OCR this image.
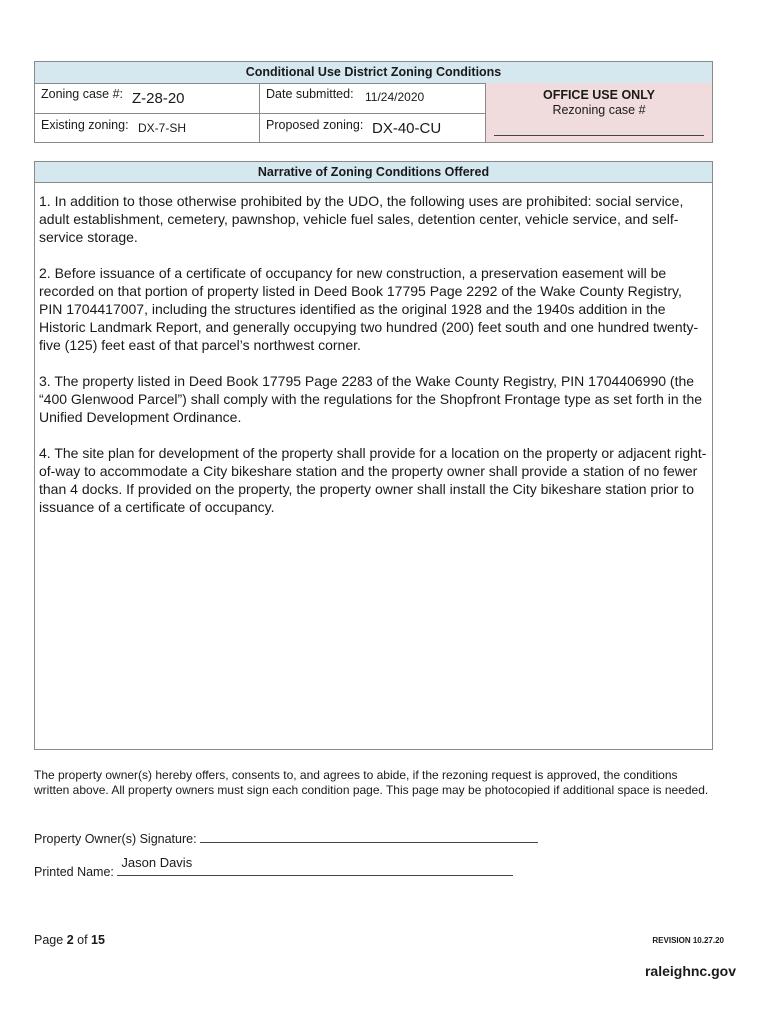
Conditional Use District Zoning Conditions
Zoning case #: Z-28-20	Date submitted: 11/24/2020
Existing zoning: DX-7-SH	Proposed zoning: DX-40-CU
OFFICE USE ONLY
Rezoning case #
Narrative of Zoning Conditions Offered

1. In addition to those otherwise prohibited by the UDO, the following uses are prohibited: social service, adult establishment, cemetery, pawnshop, vehicle fuel sales, detention center, vehicle service, and self-service storage.

2. Before issuance of a certificate of occupancy for new construction, a preservation easement will be recorded on that portion of property listed in Deed Book 17795 Page 2292 of the Wake County Registry, PIN 1704417007, including the structures identified as the original 1928 and the 1940s addition in the Historic Landmark Report, and generally occupying two hundred (200) feet south and one hundred twenty-five (125) feet east of that parcel’s northwest corner.

3. The property listed in Deed Book 17795 Page 2283 of the Wake County Registry, PIN 1704406990 (the “400 Glenwood Parcel”) shall comply with the regulations for the Shopfront Frontage type as set forth in the Unified Development Ordinance.

4. The site plan for development of the property shall provide for a location on the property or adjacent right-of-way to accommodate a City bikeshare station and the property owner shall provide a station of no fewer than 4 docks. If provided on the property, the property owner shall install the City bikeshare station prior to issuance of a certificate of occupancy.

The property owner(s) hereby offers, consents to, and agrees to abide, if the rezoning request is approved, the conditions written above. All property owners must sign each condition page. This page may be photocopied if additional space is needed.
Property Owner(s) Signature:
Printed Name:
Jason Davis
Page 2 of 15	REVISION 10.27.20
raleighnc.gov
